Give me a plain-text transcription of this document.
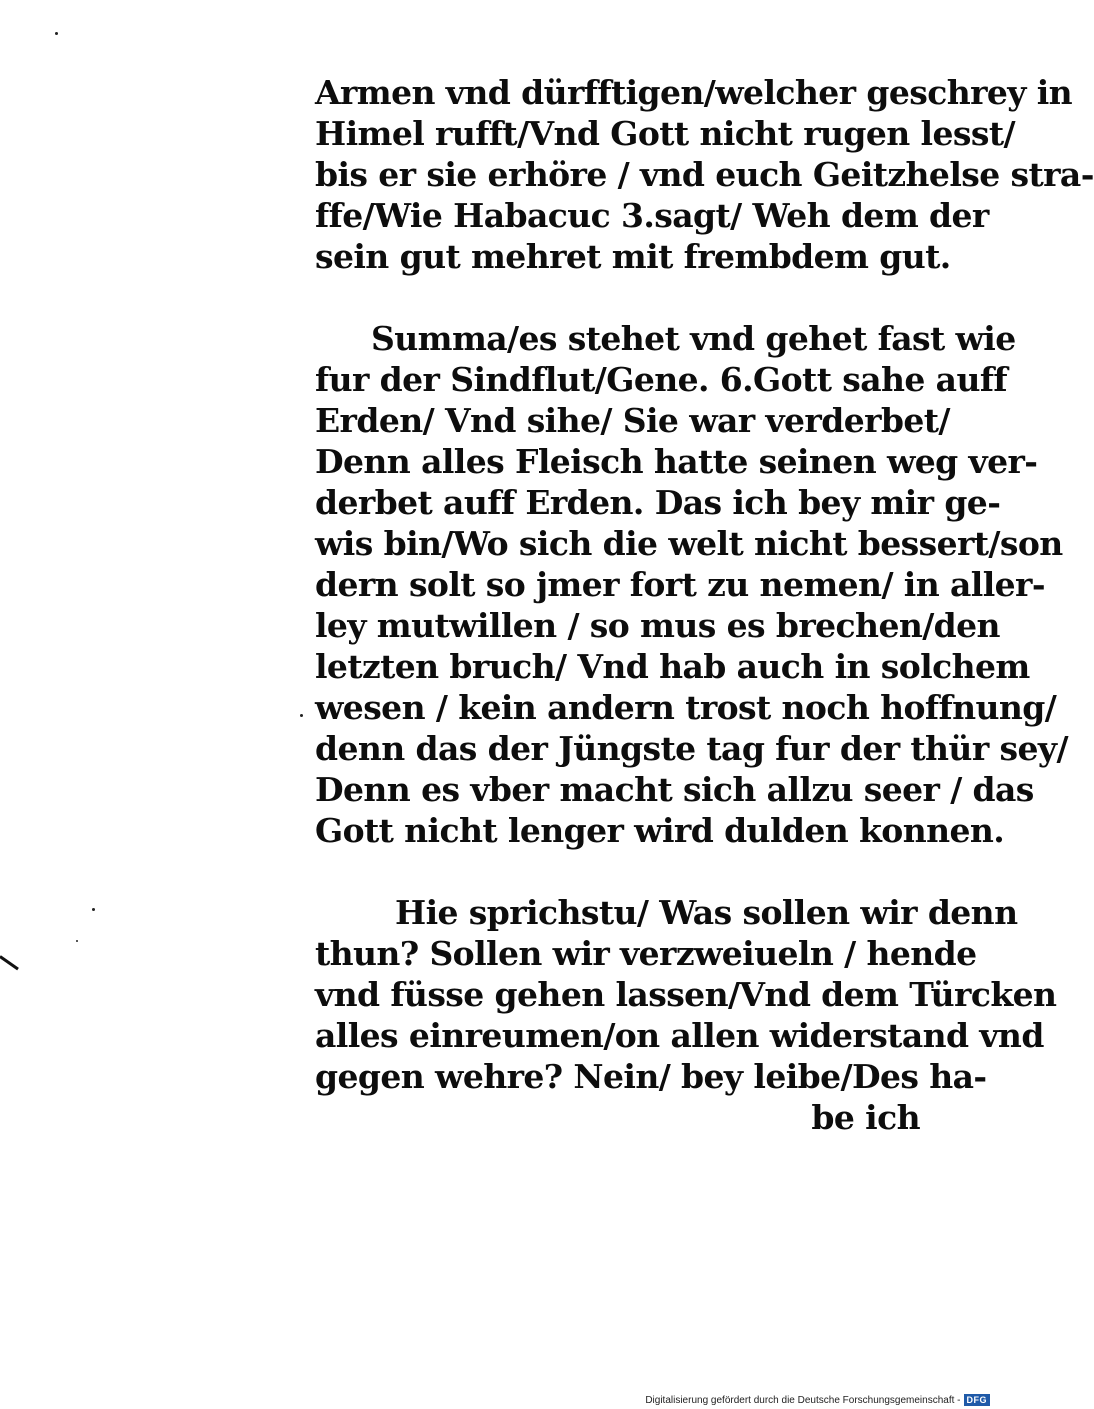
Armen vnd dürfftigen/welcher geschrey in
Himel rufft/Vnd Gott nicht rugen lesst/
bis er sie erhöre / vnd euch Geitzhelse stra-
ffe/Wie Habacuc 3.sagt/ Weh dem der
sein gut mehret mit frembdem gut.
Summa/es stehet vnd gehet fast wie
fur der Sindflut/Gene. 6.Gott sahe auff
Erden/ Vnd sihe/ Sie war verderbet/
Denn alles Fleisch hatte seinen weg ver-
derbet auff Erden. Das ich bey mir ge-
wis bin/Wo sich die welt nicht bessert/son
dern solt so jmer fort zu nemen/ in aller-
ley mutwillen / so mus es brechen/den
letzten bruch/ Vnd hab auch in solchem
wesen / kein andern trost noch hoffnung/
denn das der Jüngste tag fur der thür sey/
Denn es vber macht sich allzu seer / das
Gott nicht lenger wird dulden konnen.
Hie sprichstu/ Was sollen wir denn
thun? Sollen wir verzweiueln / hende
vnd füsse gehen lassen/Vnd dem Türcken
alles einreumen/on allen widerstand vnd
gegen wehre? Nein/ bey leibe/Des ha-
be ich
Digitalisierung gefördert durch die Deutsche Forschungsgemeinschaft - DFG
